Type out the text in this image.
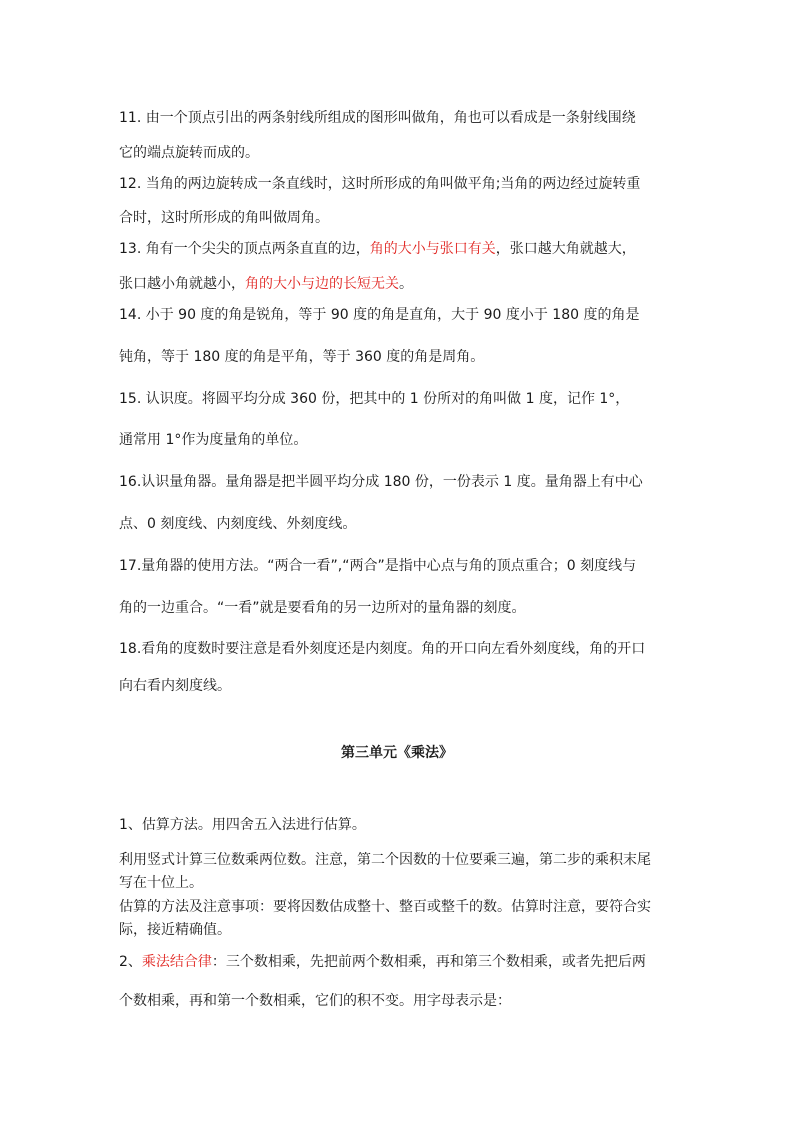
11. 由一个顶点引出的两条射线所组成的图形叫做角，角也可以看成是一条射线围绕
它的端点旋转而成的。
12. 当角的两边旋转成一条直线时，这时所形成的角叫做平角;当角的两边经过旋转重
合时，这时所形成的角叫做周角。
13. 角有一个尖尖的顶点两条直直的边，角的大小与张口有关，张口越大角就越大，
张口越小角就越小，角的大小与边的长短无关。
14. 小于 90 度的角是锐角，等于 90 度的角是直角，大于 90 度小于 180 度的角是
钝角，等于 180 度的角是平角，等于 360 度的角是周角。
15. 认识度。将圆平均分成 360 份，把其中的 1 份所对的角叫做 1 度，记作 1°，
通常用 1°作为度量角的单位。
16.认识量角器。量角器是把半圆平均分成 180 份，一份表示 1 度。量角器上有中心
点、0 刻度线、内刻度线、外刻度线。
17.量角器的使用方法。“两合一看”,“两合”是指中心点与角的顶点重合；0 刻度线与
角的一边重合。“一看”就是要看角的另一边所对的量角器的刻度。
18.看角的度数时要注意是看外刻度还是内刻度。角的开口向左看外刻度线，角的开口
向右看内刻度线。
第三单元《乘法》
1、估算方法。用四舍五入法进行估算。
利用竖式计算三位数乘两位数。注意，第二个因数的十位要乘三遍，第二步的乘积末尾
写在十位上。
估算的方法及注意事项：要将因数估成整十、整百或整千的数。估算时注意，要符合实
际，接近精确值。
2、乘法结合律：三个数相乘，先把前两个数相乘，再和第三个数相乘，或者先把后两
个数相乘，再和第一个数相乘，它们的积不变。用字母表示是：
